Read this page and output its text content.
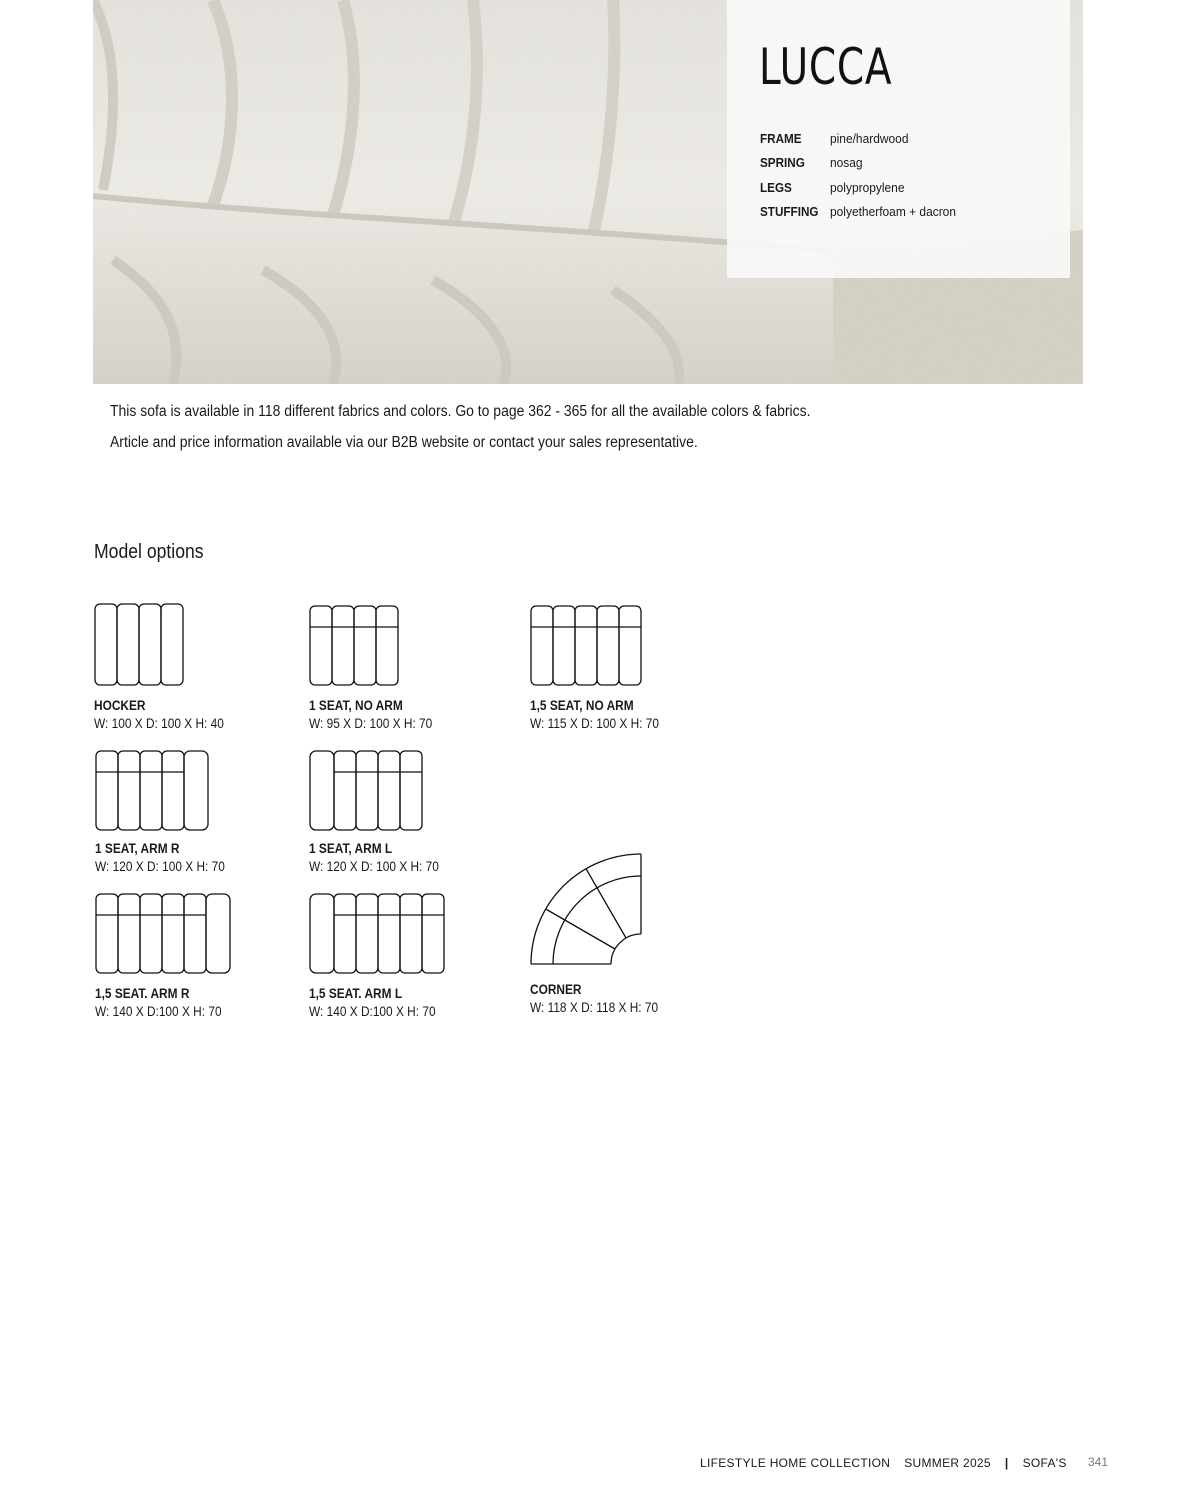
LUCCA
FRAME	pine/hardwood
SPRING	nosag
LEGS	polypropylene
STUFFING polyetherfoam + dacron

This sofa is available in 118 different fabrics and colors. Go to page 362 - 365 for all the available colors & fabrics.

Article and price information available via our B2B website or contact your sales representative.

Model options
HOCKER
W: 100 X D: 100 X H: 40
1 SEAT, NO ARM
W: 95 X D: 100 X H: 70
1,5 SEAT, NO ARM
W: 115 X D: 100 X H: 70
1 SEAT, ARM R
W: 120 X D: 100 X H: 70
1 SEAT, ARM L
W: 120 X D: 100 X H: 70
1,5 SEAT. ARM R
W: 140 X D:100 X H: 70
1,5 SEAT. ARM L
W: 140 X D:100 X H: 70
CORNER
W: 118 X D: 118 X H: 70
LIFESTYLE HOME COLLECTION SUMMER 2025 | SOFA'S 341
